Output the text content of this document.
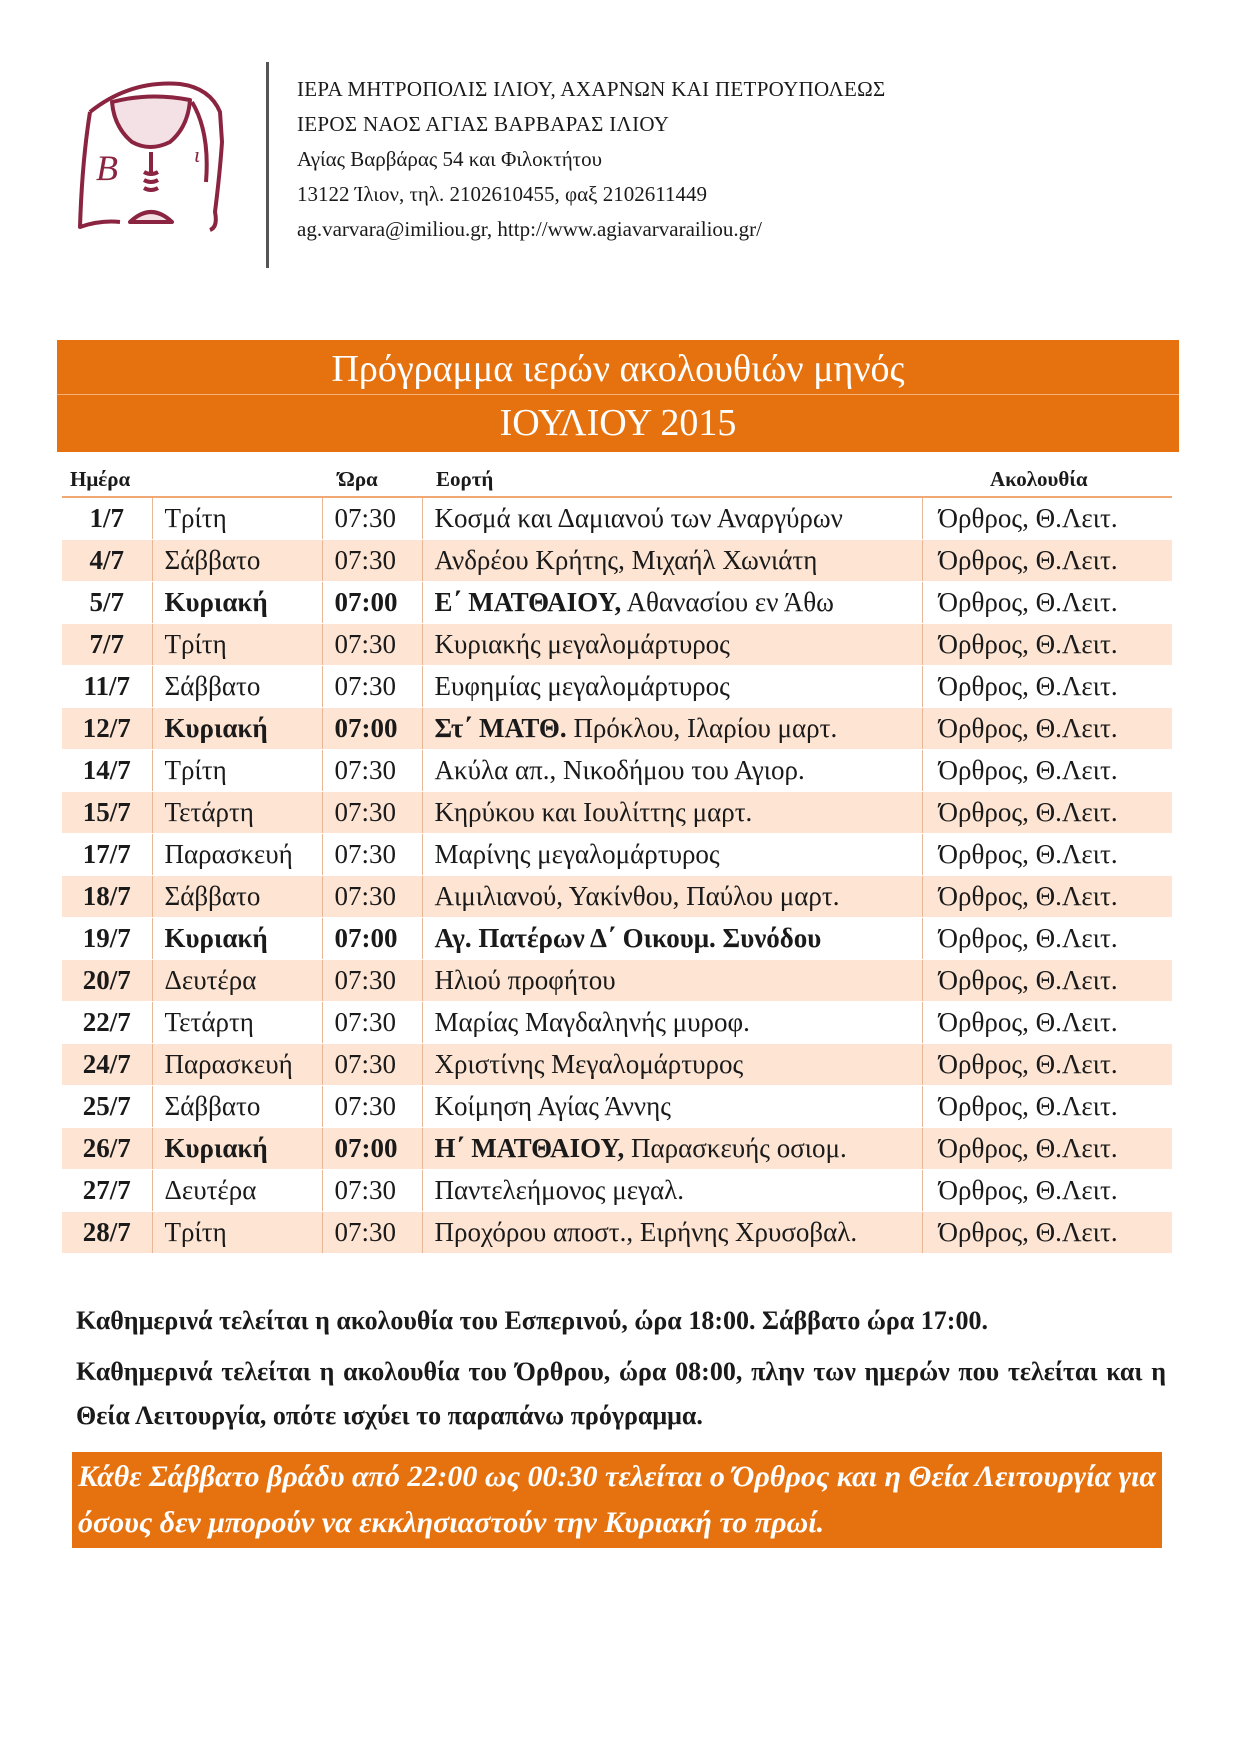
Β	ι
ΙΕΡΑ ΜΗΤΡΟΠΟΛΙΣ ΙΛΙΟΥ, ΑΧΑΡΝΩΝ ΚΑΙ ΠΕΤΡΟΥΠΟΛΕΩΣ
ΙΕΡΟΣ ΝΑΟΣ ΑΓΙΑΣ ΒΑΡΒΑΡΑΣ ΙΛΙΟΥ
Αγίας Βαρβάρας 54 και Φιλοκτήτου
13122 Ίλιον, τηλ. 2102610455, φαξ 2102611449
ag.varvara@imiliou.gr, http://www.agiavarvarailiou.gr/
Πρόγραμμα ιερών ακολουθιών μηνός
ΙΟΥΛΙΟΥ 2015
Ημέρα		Ώρα	Εορτή	Ακολουθία
1/7	Τρίτη	07:30	Κοσμά και Δαμιανού των Αναργύρων	Όρθρος, Θ.Λειτ.
4/7	Σάββατο	07:30	Ανδρέου Κρήτης, Μιχαήλ Χωνιάτη	Όρθρος, Θ.Λειτ.
5/7	Κυριακή	07:00	Ε΄ ΜΑΤΘΑΙΟΥ, Αθανασίου εν Άθω	Όρθρος, Θ.Λειτ.
7/7	Τρίτη	07:30	Κυριακής μεγαλομάρτυρος	Όρθρος, Θ.Λειτ.
11/7	Σάββατο	07:30	Ευφημίας μεγαλομάρτυρος	Όρθρος, Θ.Λειτ.
12/7	Κυριακή	07:00	Στ΄ ΜΑΤΘ. Πρόκλου, Ιλαρίου μαρτ.	Όρθρος, Θ.Λειτ.
14/7	Τρίτη	07:30	Ακύλα απ., Νικοδήμου του Αγιορ.	Όρθρος, Θ.Λειτ.
15/7	Τετάρτη	07:30	Κηρύκου και Ιουλίττης μαρτ.	Όρθρος, Θ.Λειτ.
17/7	Παρασκευή	07:30	Μαρίνης μεγαλομάρτυρος	Όρθρος, Θ.Λειτ.
18/7	Σάββατο	07:30	Αιμιλιανού, Υακίνθου, Παύλου μαρτ.	Όρθρος, Θ.Λειτ.
19/7	Κυριακή	07:00	Αγ. Πατέρων Δ΄ Οικουμ. Συνόδου	Όρθρος, Θ.Λειτ.
20/7	Δευτέρα	07:30	Ηλιού προφήτου	Όρθρος, Θ.Λειτ.
22/7	Τετάρτη	07:30	Μαρίας Μαγδαληνής μυροφ.	Όρθρος, Θ.Λειτ.
24/7	Παρασκευή	07:30	Χριστίνης Μεγαλομάρτυρος	Όρθρος, Θ.Λειτ.
25/7	Σάββατο	07:30	Κοίμηση Αγίας Άννης	Όρθρος, Θ.Λειτ.
26/7	Κυριακή	07:00	Η΄ ΜΑΤΘΑΙΟΥ, Παρασκευής οσιομ.	Όρθρος, Θ.Λειτ.
27/7	Δευτέρα	07:30	Παντελεήμονος μεγαλ.	Όρθρος, Θ.Λειτ.
28/7	Τρίτη	07:30	Προχόρου αποστ., Ειρήνης Χρυσοβαλ.	Όρθρος, Θ.Λειτ.
Καθημερινά τελείται η ακολουθία του Εσπερινού, ώρα 18:00. Σάββατο ώρα 17:00.
Καθημερινά τελείται η ακολουθία του Όρθρου, ώρα 08:00, πλην των ημερών που τελείται και η Θεία Λειτουργία, οπότε ισχύει το παραπάνω πρόγραμμα.
Κάθε Σάββατο βράδυ από 22:00 ως 00:30 τελείται ο Όρθρος και η Θεία Λειτουργία για όσους δεν μπορούν να εκκλησιαστούν την Κυριακή το πρωί.
